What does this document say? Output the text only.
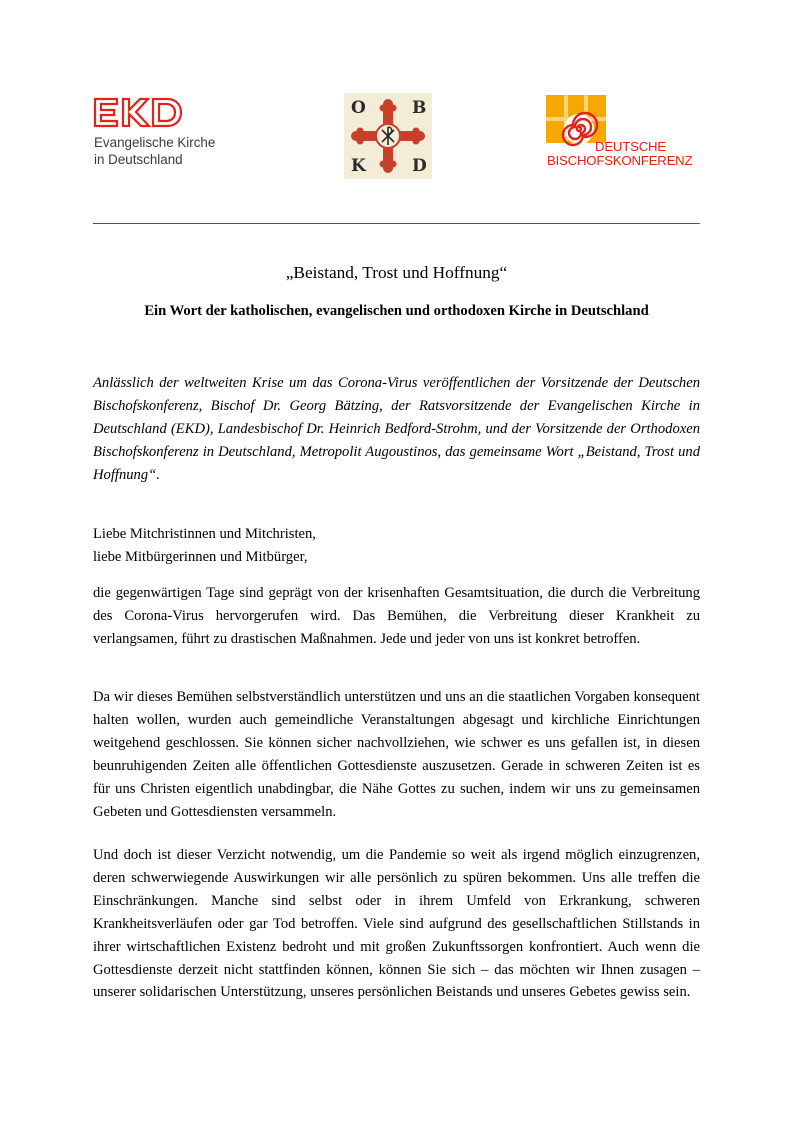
Evangelische Kirche
in Deutschland
O	B
K	D
DEUTSCHE
BISCHOFSKONFERENZ
„Beistand, Trost und Hoffnung“
Ein Wort der katholischen, evangelischen und orthodoxen Kirche in Deutschland
Anlässlich der weltweiten Krise um das Corona-Virus veröffentlichen der Vorsitzende der Deutschen Bischofskonferenz, Bischof Dr. Georg Bätzing, der Ratsvorsitzende der Evangelischen Kirche in Deutschland (EKD), Landesbischof Dr. Heinrich Bedford-Strohm, und der Vorsitzende der Orthodoxen Bischofskonferenz in Deutschland, Metropolit Augoustinos, das gemeinsame Wort „Beistand, Trost und Hoffnung“.
Liebe Mitchristinnen und Mitchristen,
liebe Mitbürgerinnen und Mitbürger,

die gegenwärtigen Tage sind geprägt von der krisenhaften Gesamtsituation, die durch die Verbreitung des Corona-Virus hervorgerufen wird. Das Bemühen, die Verbreitung dieser Krankheit zu verlangsamen, führt zu drastischen Maßnahmen. Jede und jeder von uns ist konkret betroffen.

Da wir dieses Bemühen selbstverständlich unterstützen und uns an die staatlichen Vorgaben konsequent halten wollen, wurden auch gemeindliche Veranstaltungen abgesagt und kirchliche Einrichtungen weitgehend geschlossen. Sie können sicher nachvollziehen, wie schwer es uns gefallen ist, in diesen beunruhigenden Zeiten alle öffentlichen Gottesdienste auszusetzen. Gerade in schweren Zeiten ist es für uns Christen eigentlich unabdingbar, die Nähe Gottes zu suchen, indem wir uns zu gemeinsamen Gebeten und Gottesdiensten versammeln.

Und doch ist dieser Verzicht notwendig, um die Pandemie so weit als irgend möglich einzugrenzen, deren schwerwiegende Auswirkungen wir alle persönlich zu spüren bekommen. Uns alle treffen die Einschränkungen. Manche sind selbst oder in ihrem Umfeld von Erkrankung, schweren Krankheitsverläufen oder gar Tod betroffen. Viele sind aufgrund des gesellschaftlichen Stillstands in ihrer wirtschaftlichen Existenz bedroht und mit großen Zukunftssorgen konfrontiert. Auch wenn die Gottesdienste derzeit nicht stattfinden können, können Sie sich – das möchten wir Ihnen zusagen – unserer solidarischen Unterstützung, unseres persönlichen Beistands und unseres Gebetes gewiss sein.
